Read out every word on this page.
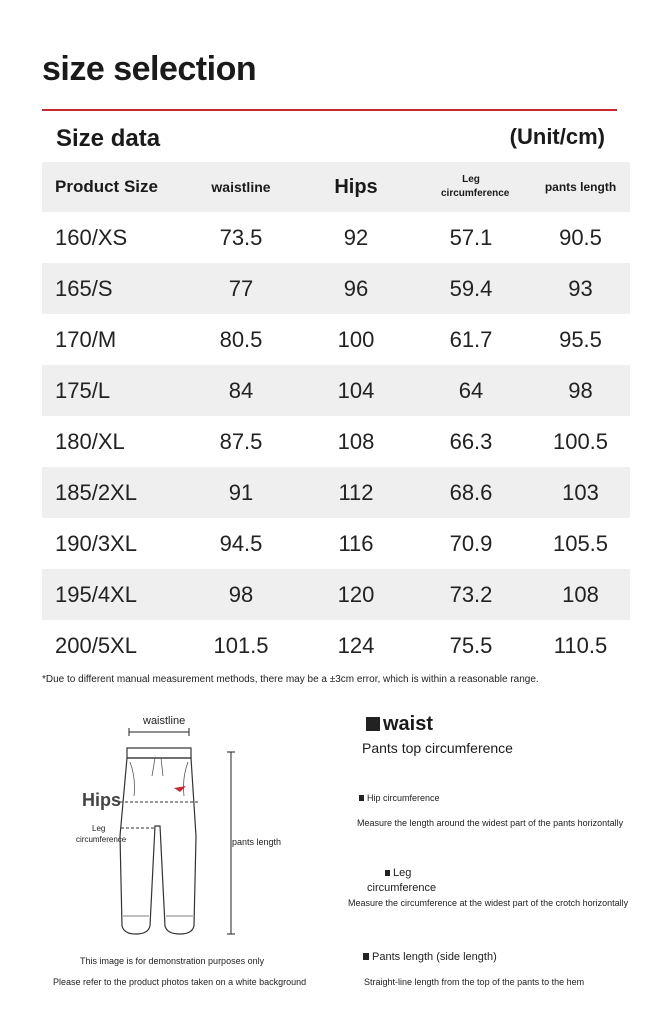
size selection
Size data	(Unit/cm)
Product Size	waistline	Hips	Leg circumference	pants length
160/XS	73.5	92	57.1	90.5
165/S	77	96	59.4	93
170/M	80.5	100	61.7	95.5
175/L	84	104	64	98
180/XL	87.5	108	66.3	100.5
185/2XL	91	112	68.6	103
190/3XL	94.5	116	70.9	105.5
195/4XL	98	120	73.2	108
200/5XL	101.5	124	75.5	110.5
*Due to different manual measurement methods, there may be a ±3cm error, which is within a reasonable range.
waistline
Hips
Leg
circumference	pants length
This image is for demonstration purposes only
Please refer to the product photos taken on a white background
waist
Pants top circumference
Hip circumference
Measure the length around the widest part of the pants horizontally
Leg
circumference
Measure the circumference at the widest part of the crotch horizontally
Pants length (side length)
Straight-line length from the top of the pants to the hem
